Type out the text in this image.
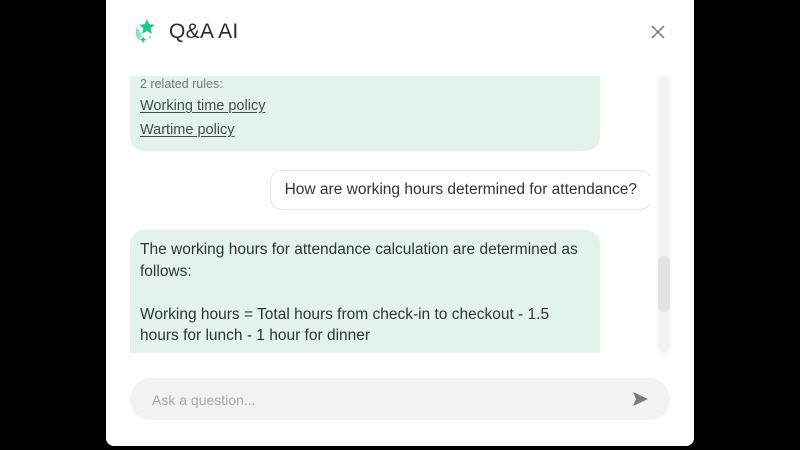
Q&A AI
2 related rules:
Working time policy
Wartime policy
How are working hours determined for attendance?

The working hours for attendance calculation are determined as follows:

Working hours = Total hours from check-in to checkout - 1.5 hours for lunch - 1 hour for dinner

Ask a question...
